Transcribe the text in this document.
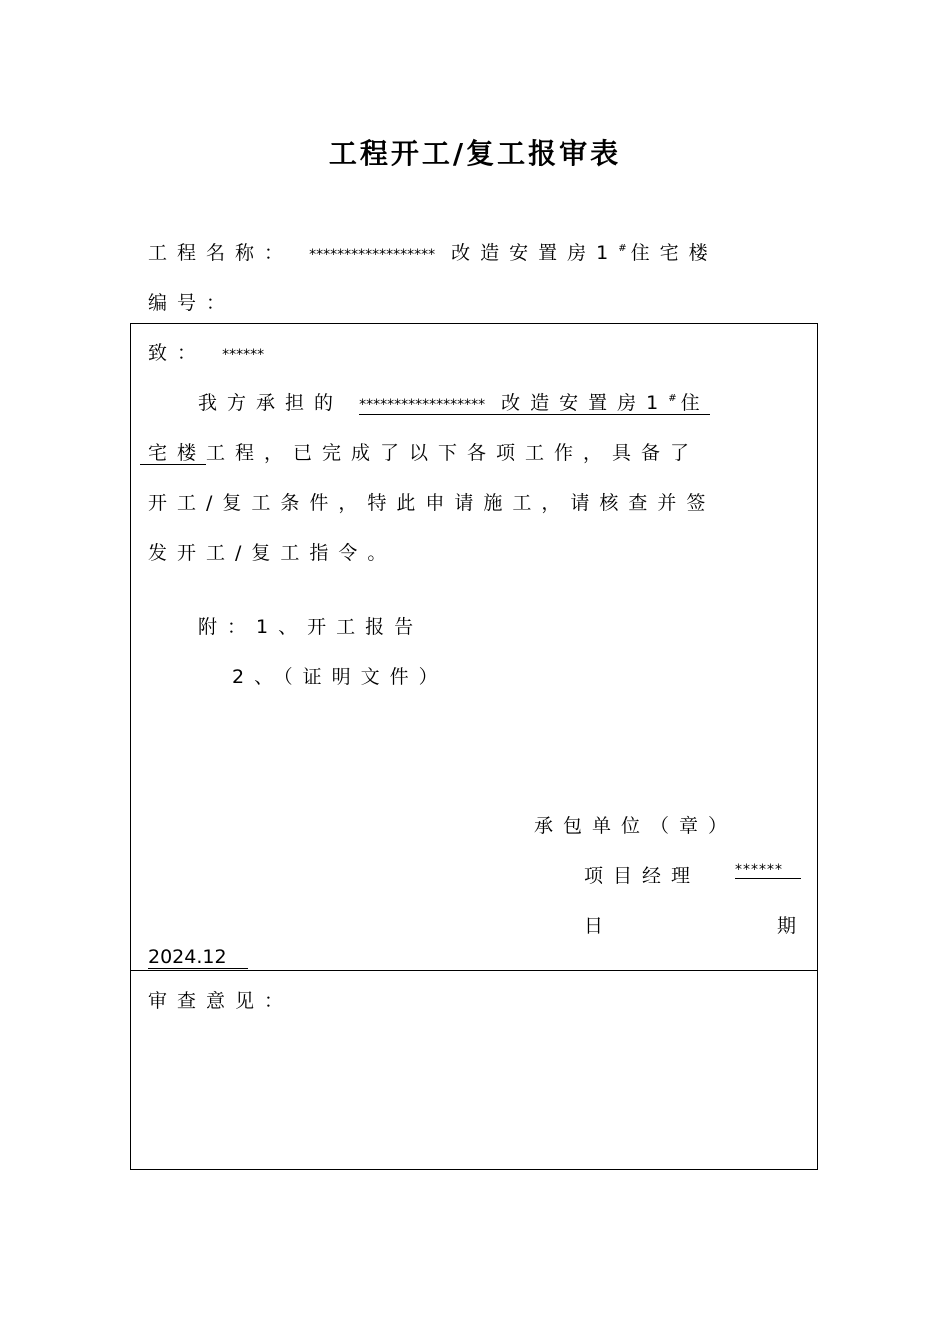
工程开工/复工报审表
工程名称： ****************** 改造安置房1#住宅楼
编号：
致： ******
我方承担的 ****************** 改造安置房1#住
宅楼工程，已完成了以下各项工作，具备了
开工/复工条件，特此申请施工，请核查并签
发开工/复工指令。
附：1、开工报告
2、（证明文件）
承包单位（章）
项目经理 ******
日	期
2024.12
审查意见：
